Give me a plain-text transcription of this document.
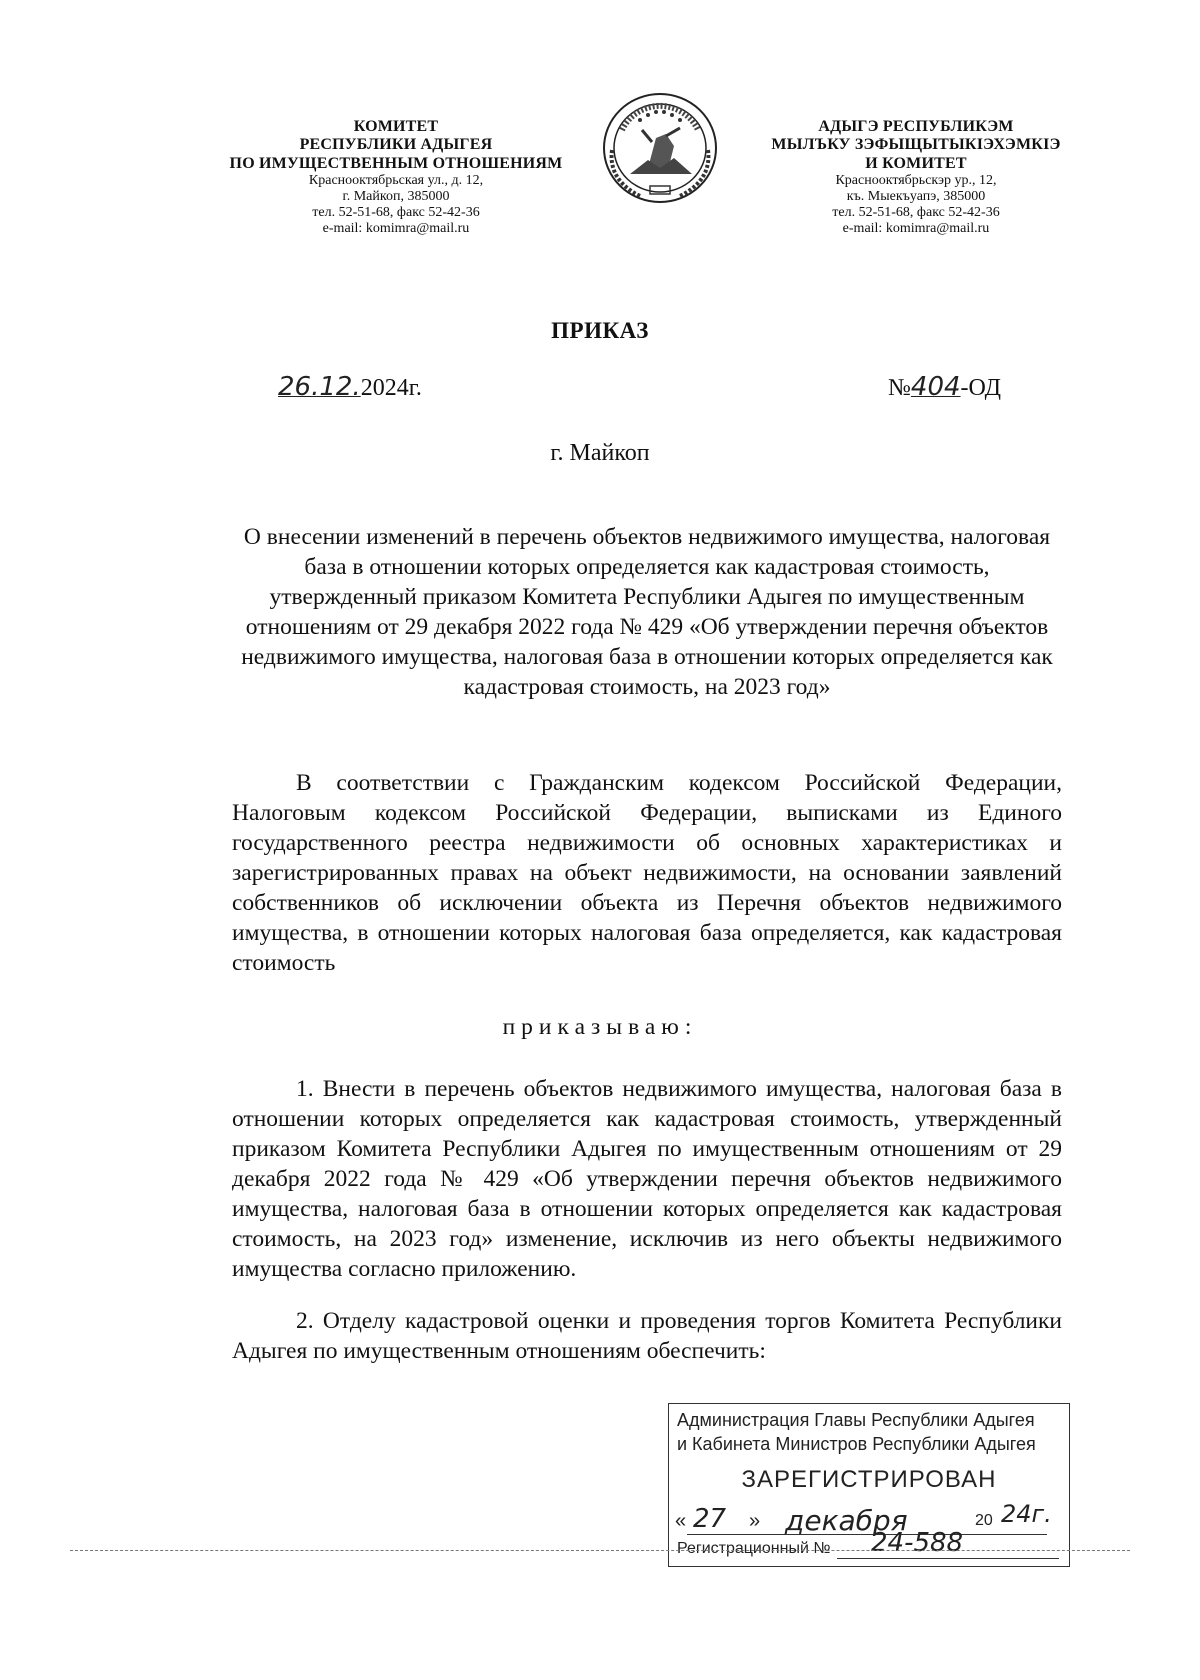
КОМИТЕТ
РЕСПУБЛИКИ АДЫГЕЯ
ПО ИМУЩЕСТВЕННЫМ ОТНОШЕНИЯМ
Краснооктябрьская ул., д. 12,
г. Майкоп, 385000
тел. 52-51-68, факс 52-42-36
e-mail: komimra@mail.ru
АДЫГЭ РЕСПУБЛИКЭМ
МЫЛЪКУ ЗЭФЫЩЫТЫКІЭХЭМКІЭ
И КОМИТЕТ
Краснооктябрьскэр ур., 12,
къ. Мыекъуапэ, 385000
тел. 52-51-68, факс 52-42-36
e-mail: komimra@mail.ru
ПРИКАЗ
26.12.2024г.	№404-ОД
г. Майкоп
О внесении изменений в перечень объектов недвижимого имущества, налоговая база в отношении которых определяется как кадастровая стоимость, утвержденный приказом Комитета Республики Адыгея по имущественным отношениям от 29 декабря 2022 года № 429 «Об утверждении перечня объектов недвижимого имущества, налоговая база в отношении которых определяется как кадастровая стоимость, на 2023 год»
В соответствии с Гражданским кодексом Российской Федерации, Налоговым кодексом Российской Федерации, выписками из Единого государственного реестра недвижимости об основных характеристиках и зарегистрированных правах на объект недвижимости, на основании заявлений собственников об исключении объекта из Перечня объектов недвижимого имущества, в отношении которых налоговая база определяется, как кадастровая стоимость
приказываю:
1. Внести в перечень объектов недвижимого имущества, налоговая база в отношении которых определяется как кадастровая стоимость, утвержденный приказом Комитета Республики Адыгея по имущественным отношениям от 29 декабря 2022 года № 429 «Об утверждении перечня объектов недвижимого имущества, налоговая база в отношении которых определяется как кадастровая стоимость, на 2023 год» изменение, исключив из него объекты недвижимого имущества согласно приложению.
2. Отделу кадастровой оценки и проведения торгов Комитета Республики Адыгея по имущественным отношениям обеспечить:
Администрация Главы Республики Адыгея
и Кабинета Министров Республики Адыгея
ЗАРЕГИСТРИРОВАН
« 27 » декабря	20 24г.
Регистрационный № 24-588
